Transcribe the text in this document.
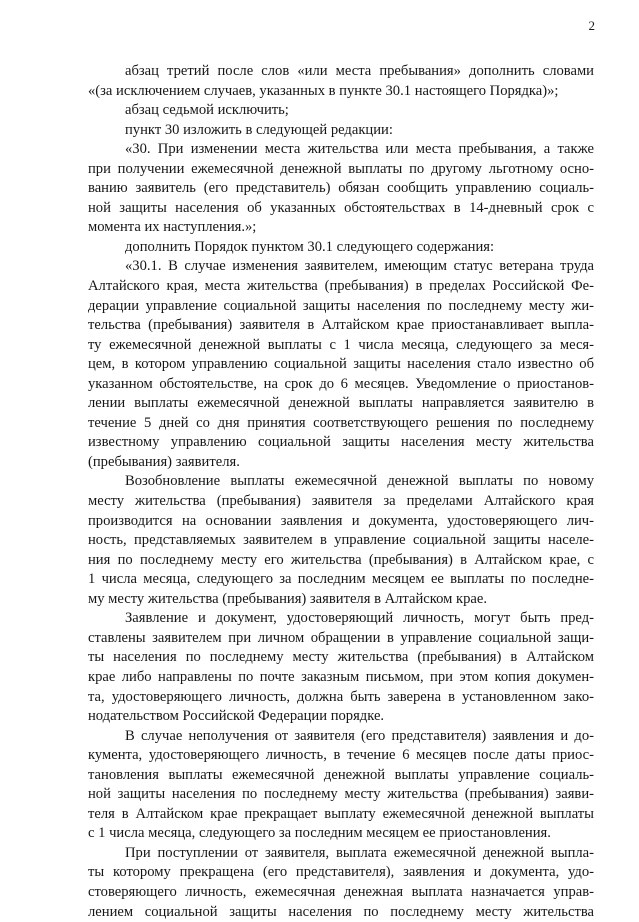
2
абзац третий после слов «или места пребывания» дополнить словами
«(за исключением случаев, указанных в пункте 30.1 настоящего Порядка)»;
абзац седьмой исключить;
пункт 30 изложить в следующей редакции:
«30. При изменении места жительства или места пребывания, а также
при получении ежемесячной денежной выплаты по другому льготному осно-
ванию заявитель (его представитель) обязан сообщить управлению социаль-
ной защиты населения об указанных обстоятельствах в 14-дневный срок с
момента их наступления.»;
дополнить Порядок пунктом 30.1 следующего содержания:
«30.1. В случае изменения заявителем, имеющим статус ветерана труда
Алтайского края, места жительства (пребывания) в пределах Российской Фе-
дерации управление социальной защиты населения по последнему месту жи-
тельства (пребывания) заявителя в Алтайском крае приостанавливает выпла-
ту ежемесячной денежной выплаты с 1 числа месяца, следующего за меся-
цем, в котором управлению социальной защиты населения стало известно об
указанном обстоятельстве, на срок до 6 месяцев. Уведомление о приостанов-
лении выплаты ежемесячной денежной выплаты направляется заявителю в
течение 5 дней со дня принятия соответствующего решения по последнему
известному управлению социальной защиты населения месту жительства
(пребывания) заявителя.
Возобновление выплаты ежемесячной денежной выплаты по новому
месту жительства (пребывания) заявителя за пределами Алтайского края
производится на основании заявления и документа, удостоверяющего лич-
ность, представляемых заявителем в управление социальной защиты населе-
ния по последнему месту его жительства (пребывания) в Алтайском крае, с
1 числа месяца, следующего за последним месяцем ее выплаты по последне-
му месту жительства (пребывания) заявителя в Алтайском крае.
Заявление и документ, удостоверяющий личность, могут быть пред-
ставлены заявителем при личном обращении в управление социальной защи-
ты населения по последнему месту жительства (пребывания) в Алтайском
крае либо направлены по почте заказным письмом, при этом копия докумен-
та, удостоверяющего личность, должна быть заверена в установленном зако-
нодательством Российской Федерации порядке.
В случае неполучения от заявителя (его представителя) заявления и до-
кумента, удостоверяющего личность, в течение 6 месяцев после даты приос-
тановления выплаты ежемесячной денежной выплаты управление социаль-
ной защиты населения по последнему месту жительства (пребывания) заяви-
теля в Алтайском крае прекращает выплату ежемесячной денежной выплаты
с 1 числа месяца, следующего за последним месяцем ее приостановления.
При поступлении от заявителя, выплата ежемесячной денежной выпла-
ты которому прекращена (его представителя), заявления и документа, удо-
стоверяющего личность, ежемесячная денежная выплата назначается управ-
лением социальной защиты населения по последнему месту жительства
